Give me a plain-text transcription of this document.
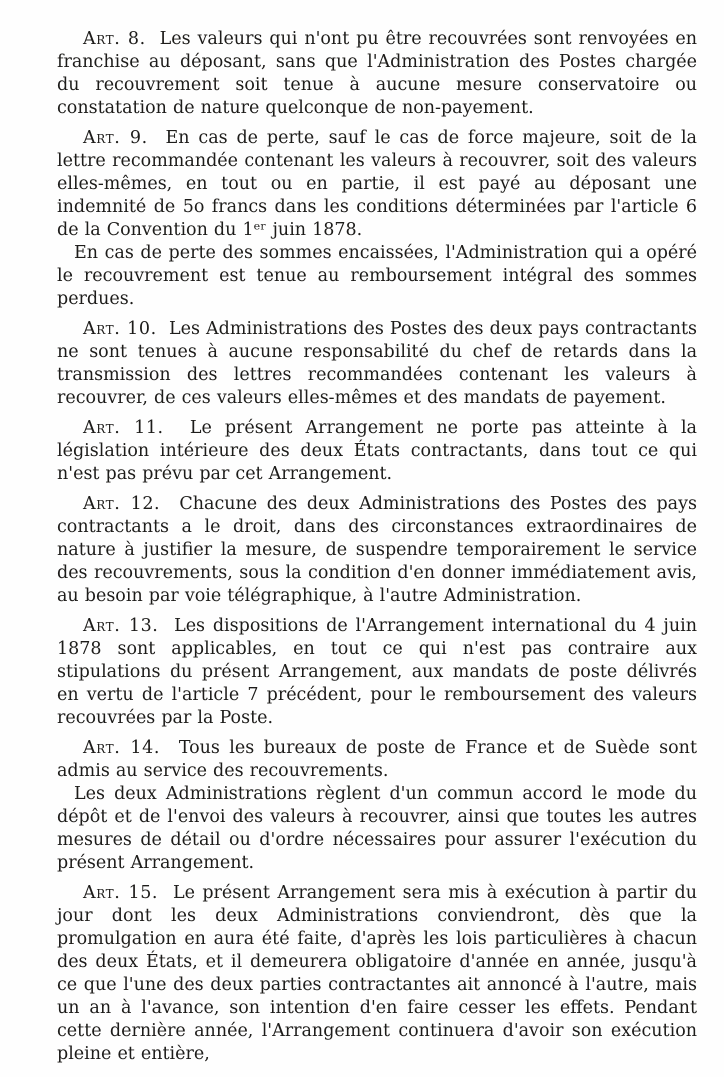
Art. 8. Les valeurs qui n'ont pu être recouvrées sont renvoyées en franchise au déposant, sans que l'Administration des Postes chargée du recouvrement soit tenue à aucune mesure conservatoire ou constatation de nature quelconque de non-payement.

Art. 9. En cas de perte, sauf le cas de force majeure, soit de la lettre recommandée contenant les valeurs à recouvrer, soit des valeurs elles-mêmes, en tout ou en partie, il est payé au déposant une indemnité de 5o francs dans les conditions déterminées par l'article 6 de la Convention du 1ᵉʳ juin 1878.

En cas de perte des sommes encaissées, l'Administration qui a opéré le recouvrement est tenue au remboursement intégral des sommes perdues.

Art. 10. Les Administrations des Postes des deux pays contractants ne sont tenues à aucune responsabilité du chef de retards dans la transmission des lettres recommandées contenant les valeurs à recouvrer, de ces valeurs elles-mêmes et des mandats de payement.

Art. 11. Le présent Arrangement ne porte pas atteinte à la législation intérieure des deux États contractants, dans tout ce qui n'est pas prévu par cet Arrangement.

Art. 12. Chacune des deux Administrations des Postes des pays contractants a le droit, dans des circonstances extraordinaires de nature à justifier la mesure, de suspendre temporairement le service des recouvrements, sous la condition d'en donner immédiatement avis, au besoin par voie télégraphique, à l'autre Administration.

Art. 13. Les dispositions de l'Arrangement international du 4 juin 1878 sont applicables, en tout ce qui n'est pas contraire aux stipulations du présent Arrangement, aux mandats de poste délivrés en vertu de l'article 7 précédent, pour le remboursement des valeurs recouvrées par la Poste.

Art. 14. Tous les bureaux de poste de France et de Suède sont admis au service des recouvrements.

Les deux Administrations règlent d'un commun accord le mode du dépôt et de l'envoi des valeurs à recouvrer, ainsi que toutes les autres mesures de détail ou d'ordre nécessaires pour assurer l'exécution du présent Arrangement.

Art. 15. Le présent Arrangement sera mis à exécution à partir du jour dont les deux Administrations conviendront, dès que la promulgation en aura été faite, d'après les lois particulières à chacun des deux États, et il demeurera obligatoire d'année en année, jusqu'à ce que l'une des deux parties contractantes ait annoncé à l'autre, mais un an à l'avance, son intention d'en faire cesser les effets. Pendant cette dernière année, l'Arrangement continuera d'avoir son exécution pleine et entière,
